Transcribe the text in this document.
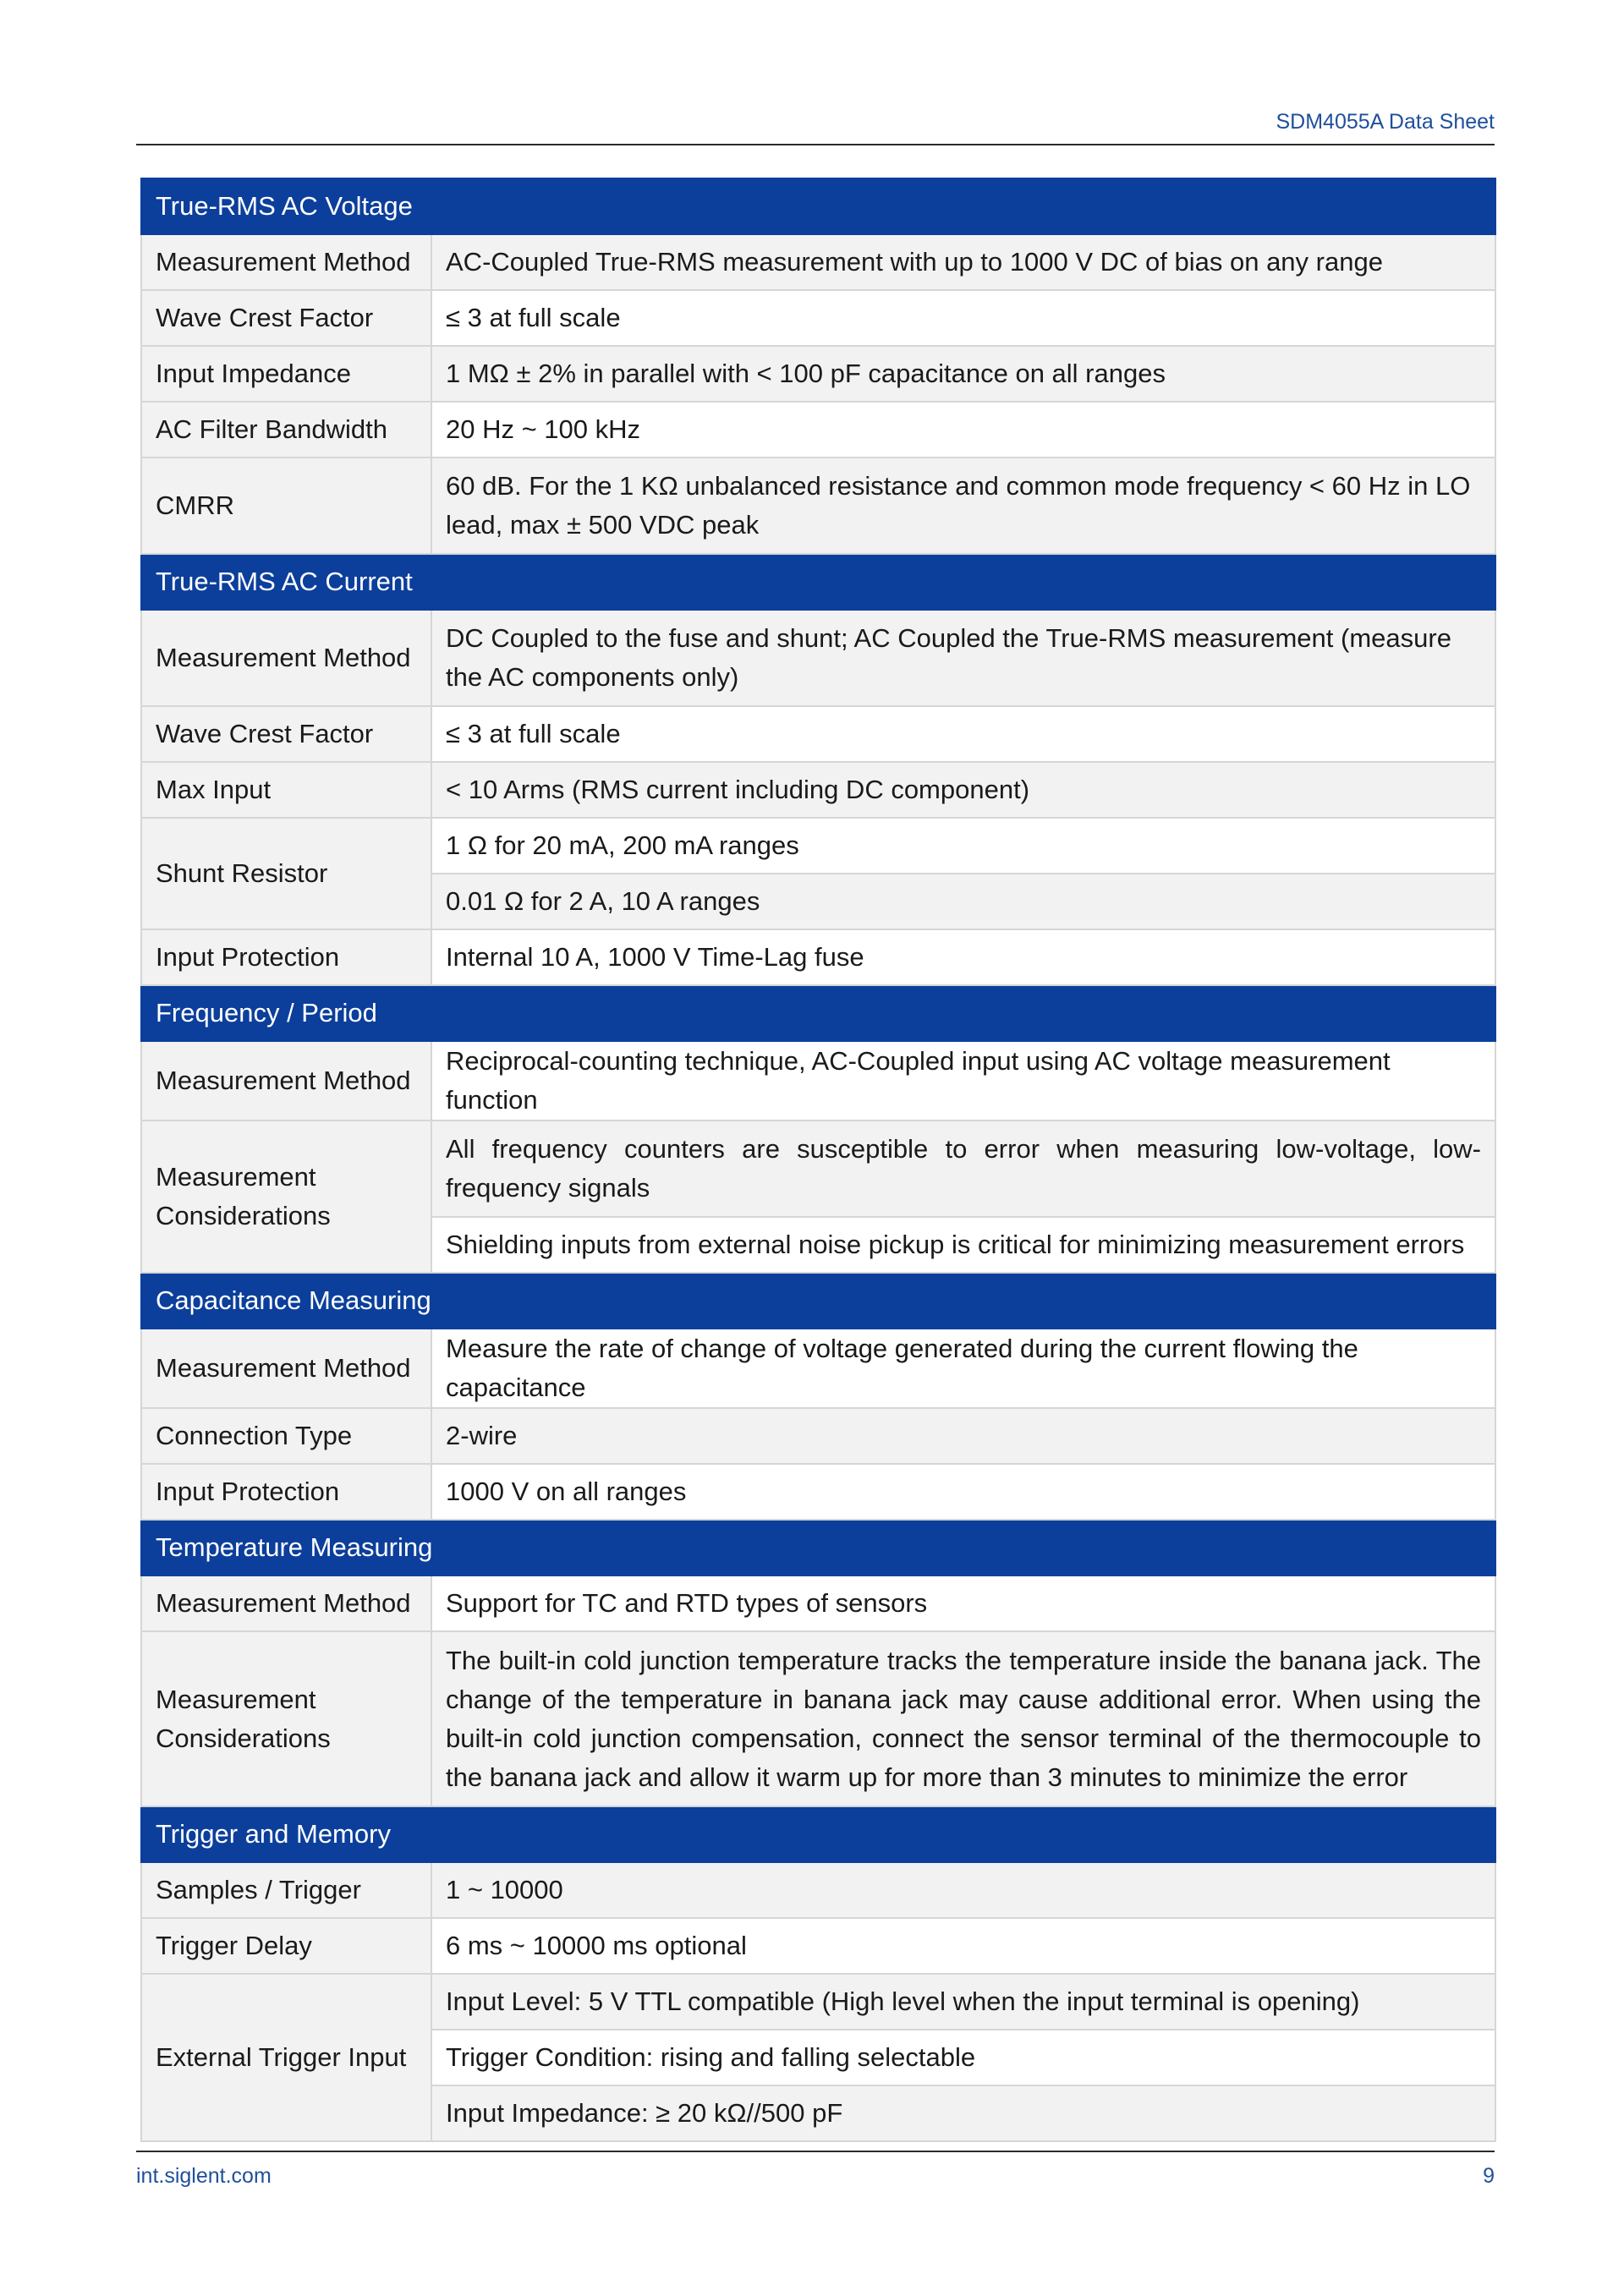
SDM4055A Data Sheet
True-RMS AC Voltage	
Measurement Method	AC-Coupled True-RMS measurement with up to 1000 V DC of bias on any range
Wave Crest Factor	≤ 3 at full scale
Input Impedance	1 MΩ ± 2% in parallel with < 100 pF capacitance on all ranges
AC Filter Bandwidth	20 Hz ~ 100 kHz
CMRR	60 dB. For the 1 KΩ unbalanced resistance and common mode frequency < 60 Hz in LO lead, max ± 500 VDC peak
True-RMS AC Current	
Measurement Method	DC Coupled to the fuse and shunt; AC Coupled the True-RMS measurement (measure the AC components only)
Wave Crest Factor	≤ 3 at full scale
Max Input	< 10 Arms (RMS current including DC component)
Shunt Resistor	1 Ω for 20 mA, 200 mA ranges
	0.01 Ω for 2 A, 10 A ranges
Input Protection	Internal 10 A, 1000 V Time-Lag fuse
Frequency / Period	
Measurement Method	Reciprocal-counting technique, AC-Coupled input using AC voltage measurement function
Measurement Considerations	All frequency counters are susceptible to error when measuring low-voltage, low-frequency signals
	Shielding inputs from external noise pickup is critical for minimizing measurement errors
Capacitance Measuring	
Measurement Method	Measure the rate of change of voltage generated during the current flowing the capacitance
Connection Type	2-wire
Input Protection	1000 V on all ranges
Temperature Measuring	
Measurement Method	Support for TC and RTD types of sensors
Measurement Considerations	The built-in cold junction temperature tracks the temperature inside the banana jack. The change of the temperature in banana jack may cause additional error. When using the built-in cold junction compensation, connect the sensor terminal of the thermocouple to the banana jack and allow it warm up for more than 3 minutes to minimize the error
Trigger and Memory	
Samples / Trigger	1 ~ 10000
Trigger Delay	6 ms ~ 10000 ms optional
External Trigger Input	Input Level: 5 V TTL compatible (High level when the input terminal is opening)
	Trigger Condition: rising and falling selectable
	Input Impedance: ≥ 20 kΩ//500 pF
int.siglent.com	9
